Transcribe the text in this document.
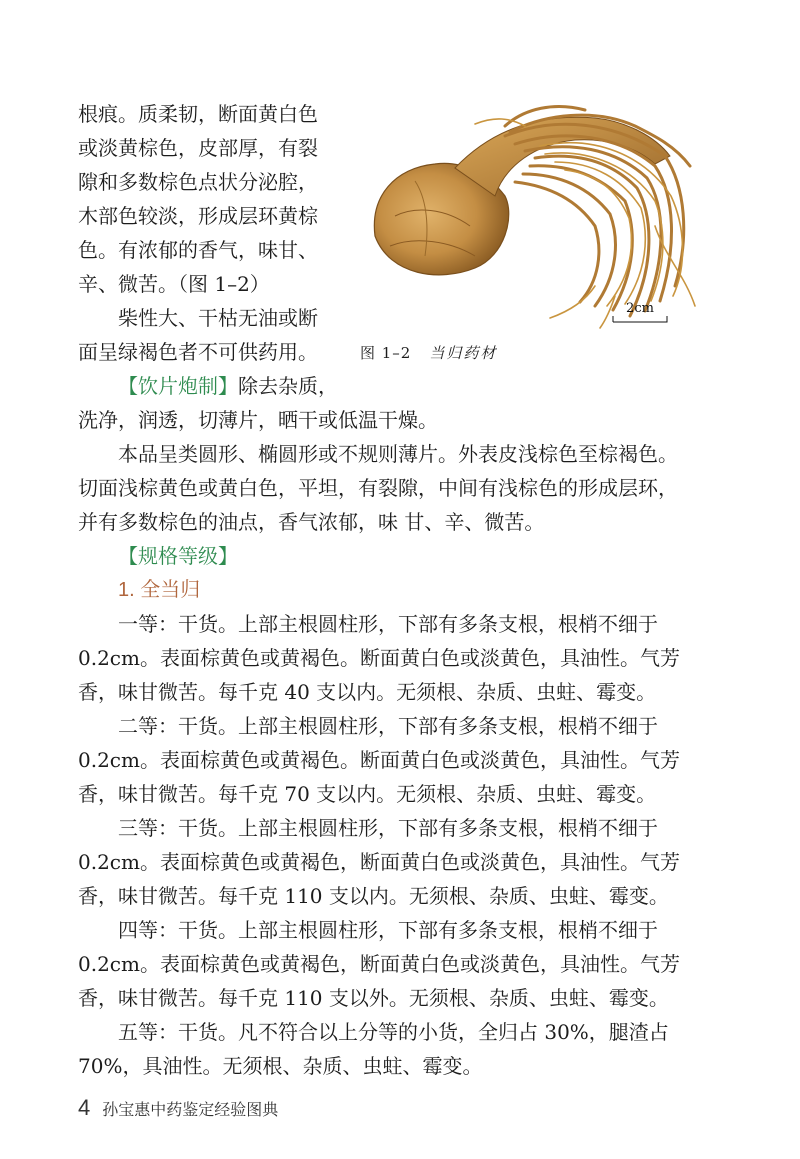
2cm
图 1–2 当归药材
根痕。质柔韧，断面黄白色
或淡黄棕色，皮部厚，有裂
隙和多数棕色点状分泌腔，
木部色较淡，形成层环黄棕
色。有浓郁的香气，味甘、
辛、微苦。（图 1–2）
柴性大、干枯无油或断
面呈绿褐色者不可供药用。
【饮片炮制】除去杂质，
洗净，润透，切薄片，晒干或低温干燥。
本品呈类圆形、椭圆形或不规则薄片。外表皮浅棕色至棕褐色。
切面浅棕黄色或黄白色，平坦，有裂隙，中间有浅棕色的形成层环，
并有多数棕色的油点，香气浓郁，味 甘、辛、微苦。
【规格等级】
1. 全当归
一等：干货。上部主根圆柱形，下部有多条支根，根梢不细于
0.2cm。表面棕黄色或黄褐色。断面黄白色或淡黄色，具油性。气芳
香，味甘微苦。每千克 40 支以内。无须根、杂质、虫蛀、霉变。
二等：干货。上部主根圆柱形，下部有多条支根，根梢不细于
0.2cm。表面棕黄色或黄褐色。断面黄白色或淡黄色，具油性。气芳
香，味甘微苦。每千克 70 支以内。无须根、杂质、虫蛀、霉变。
三等：干货。上部主根圆柱形，下部有多条支根，根梢不细于
0.2cm。表面棕黄色或黄褐色，断面黄白色或淡黄色，具油性。气芳
香，味甘微苦。每千克 110 支以内。无须根、杂质、虫蛀、霉变。
四等：干货。上部主根圆柱形，下部有多条支根，根梢不细于
0.2cm。表面棕黄色或黄褐色，断面黄白色或淡黄色，具油性。气芳
香，味甘微苦。每千克 110 支以外。无须根、杂质、虫蛀、霉变。
五等：干货。凡不符合以上分等的小货，全归占 30%，腿渣占
70%，具油性。无须根、杂质、虫蛀、霉变。
4 孙宝惠中药鉴定经验图典
